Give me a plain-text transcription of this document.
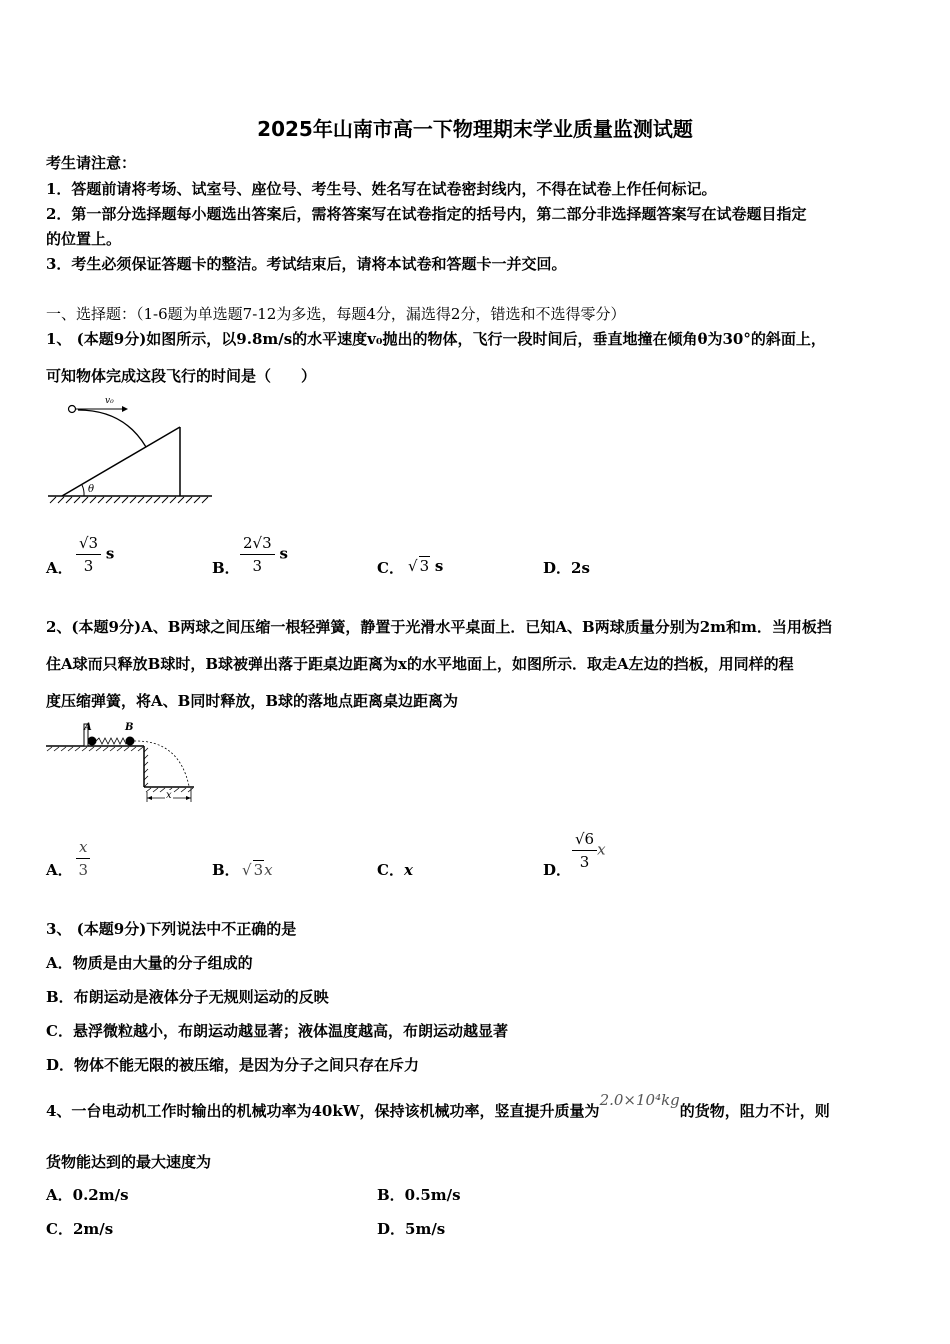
2025年山南市高一下物理期末学业质量监测试题
考生请注意：
1．答题前请将考场、试室号、座位号、考生号、姓名写在试卷密封线内，不得在试卷上作任何标记。
2．第一部分选择题每小题选出答案后，需将答案写在试卷指定的括号内，第二部分非选择题答案写在试卷题目指定
的位置上。
3．考生必须保证答题卡的整洁。考试结束后，请将本试卷和答题卡一并交回。
一、选择题：（1-6题为单选题7-12为多选，每题4分，漏选得2分，错选和不选得零分）
1、 (本题9分)如图所示，以9.8m/s的水平速度v₀抛出的物体，飞行一段时间后，垂直地撞在倾角θ为30°的斜面上，
可知物体完成这段飞行的时间是（　　）
v₀
θ
A． $\frac{√3}{3}$ s
B． $\frac{2√3}{3}$ s
C． √ 3 s	D．2s
2、(本题9分)A、B两球之间压缩一根轻弹簧，静置于光滑水平桌面上．已知A、B两球质量分别为2m和m．当用板挡
住A球而只释放B球时，B球被弹出落于距桌边距离为x的水平地面上，如图所示．取走A左边的挡板，用同样的程
度压缩弹簧，将A、B同时释放，B球的落地点距离桌边距离为
A	B
x
A． $\frac{x}{3}$	B． √ 3x	C．x	D． $\frac{√6}{3}$ x
3、 (本题9分)下列说法中不正确的是
A．物质是由大量的分子组成的
B．布朗运动是液体分子无规则运动的反映
C．悬浮微粒越小，布朗运动越显著；液体温度越高，布朗运动越显著
D．物体不能无限的被压缩，是因为分子之间只存在斥力
4、一台电动机工作时输出的机械功率为40kW，保持该机械功率，竖直提升质量为2.0×10⁴kg的货物，阻力不计，则
货物能达到的最大速度为
A．0.2m/s	B．0.5m/s
C．2m/s	D．5m/s
